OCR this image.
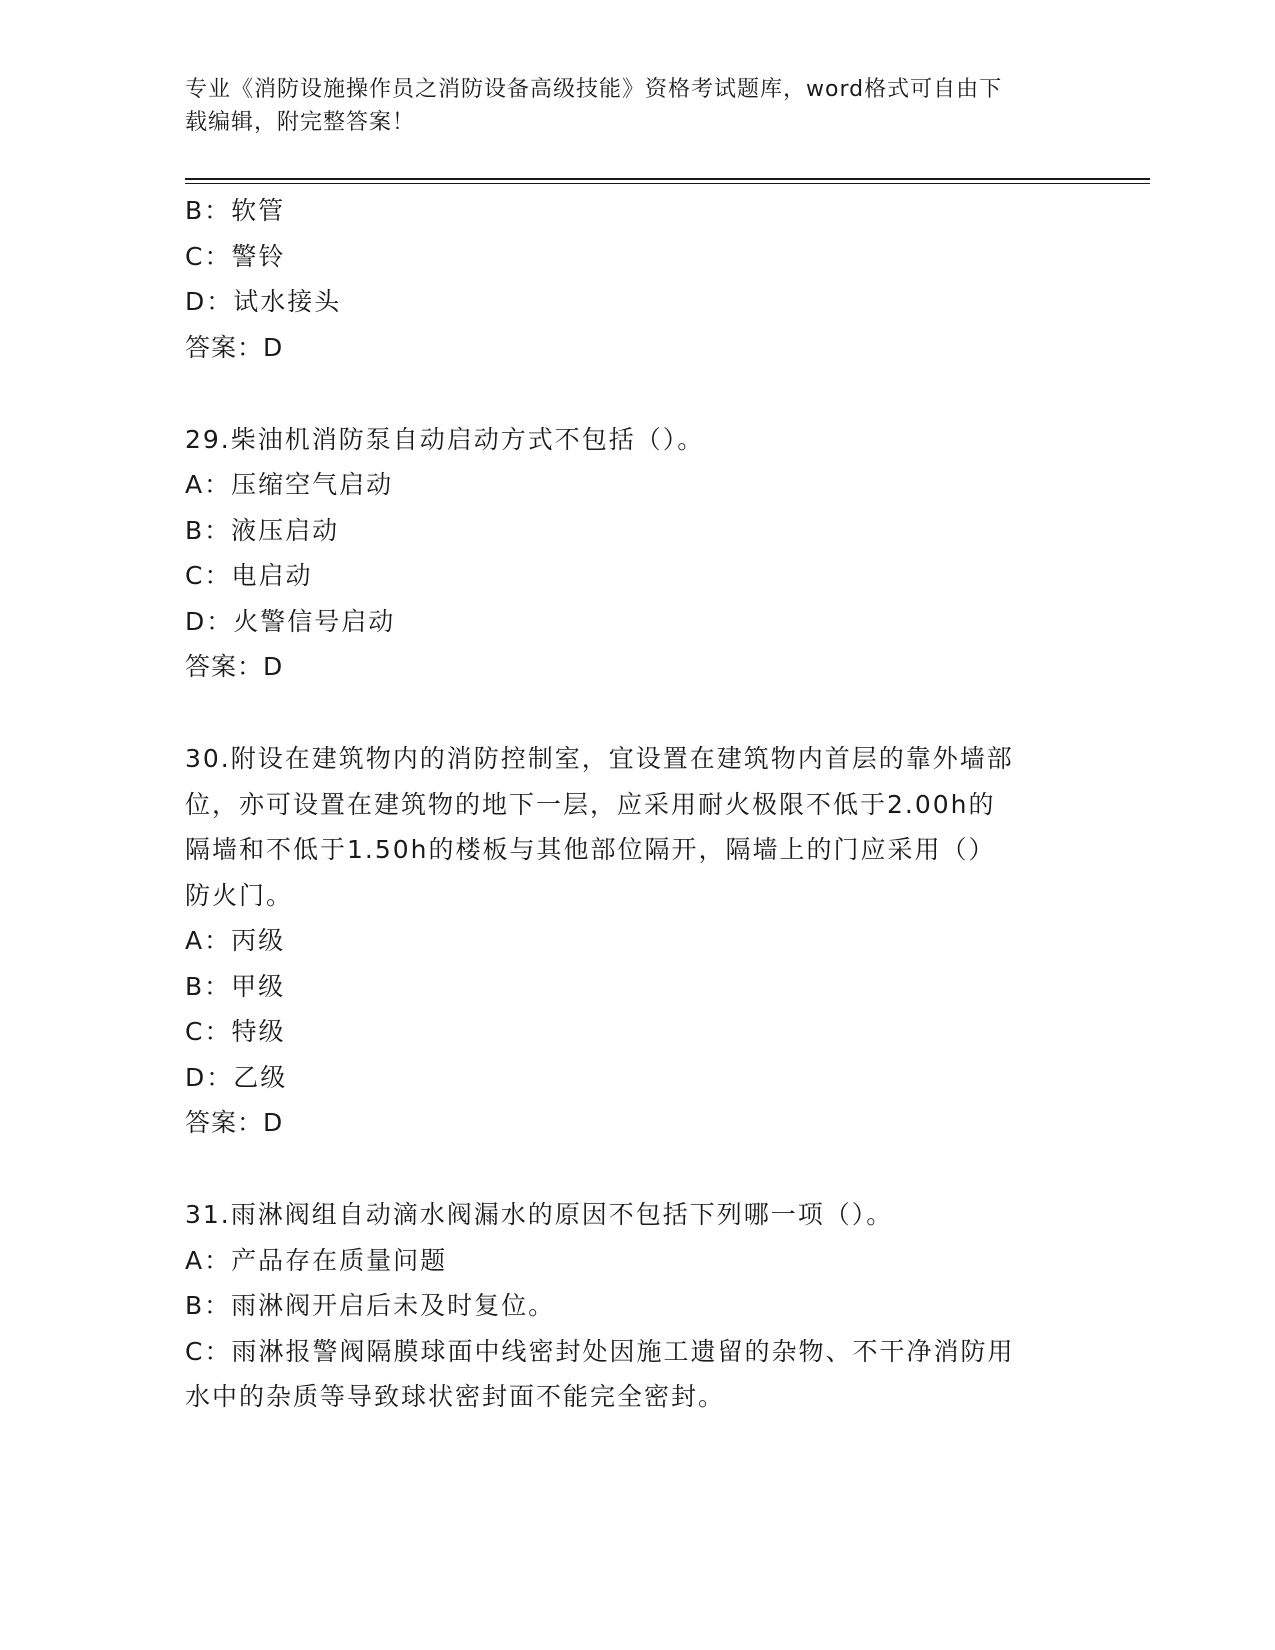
专业《消防设施操作员之消防设备高级技能》资格考试题库，word格式可自由下
载编辑，附完整答案！
B：软管
C：警铃
D：试水接头
答案：D
29.柴油机消防泵自动启动方式不包括（）。
A：压缩空气启动
B：液压启动
C：电启动
D：火警信号启动
答案：D
30.附设在建筑物内的消防控制室，宜设置在建筑物内首层的靠外墙部
位，亦可设置在建筑物的地下一层，应采用耐火极限不低于2.00h的
隔墙和不低于1.50h的楼板与其他部位隔开，隔墙上的门应采用（）
防火门。
A：丙级
B：甲级
C：特级
D：乙级
答案：D
31.雨淋阀组自动滴水阀漏水的原因不包括下列哪一项（）。
A：产品存在质量问题
B：雨淋阀开启后未及时复位。
C：雨淋报警阀隔膜球面中线密封处因施工遗留的杂物、不干净消防用
水中的杂质等导致球状密封面不能完全密封。
